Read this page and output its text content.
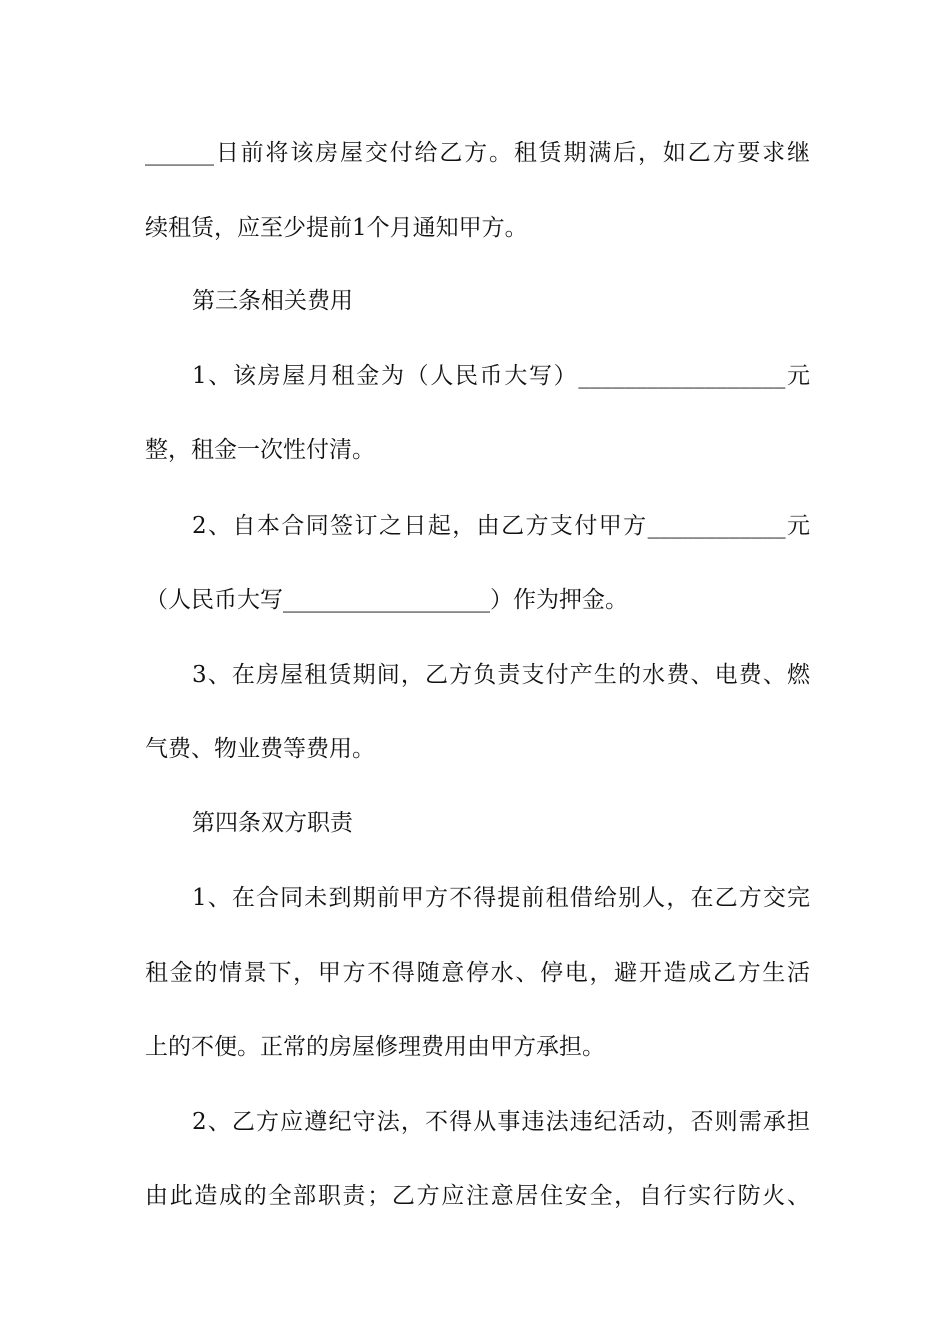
______日前将该房屋交付给乙方。租赁期满后，如乙方要求继
续租赁，应至少提前1个月通知甲方。
第三条相关费用
1、该房屋月租金为（人民币大写）__________________元
整，租金一次性付清。
2、自本合同签订之日起，由乙方支付甲方____________元
（人民币大写__________________）作为押金。
3、在房屋租赁期间，乙方负责支付产生的水费、电费、燃
气费、物业费等费用。
第四条双方职责
1、在合同未到期前甲方不得提前租借给别人，在乙方交完
租金的情景下，甲方不得随意停水、停电，避开造成乙方生活
上的不便。正常的房屋修理费用由甲方承担。
2、乙方应遵纪守法，不得从事违法违纪活动，否则需承担
由此造成的全部职责；乙方应注意居住安全，自行实行防火、
